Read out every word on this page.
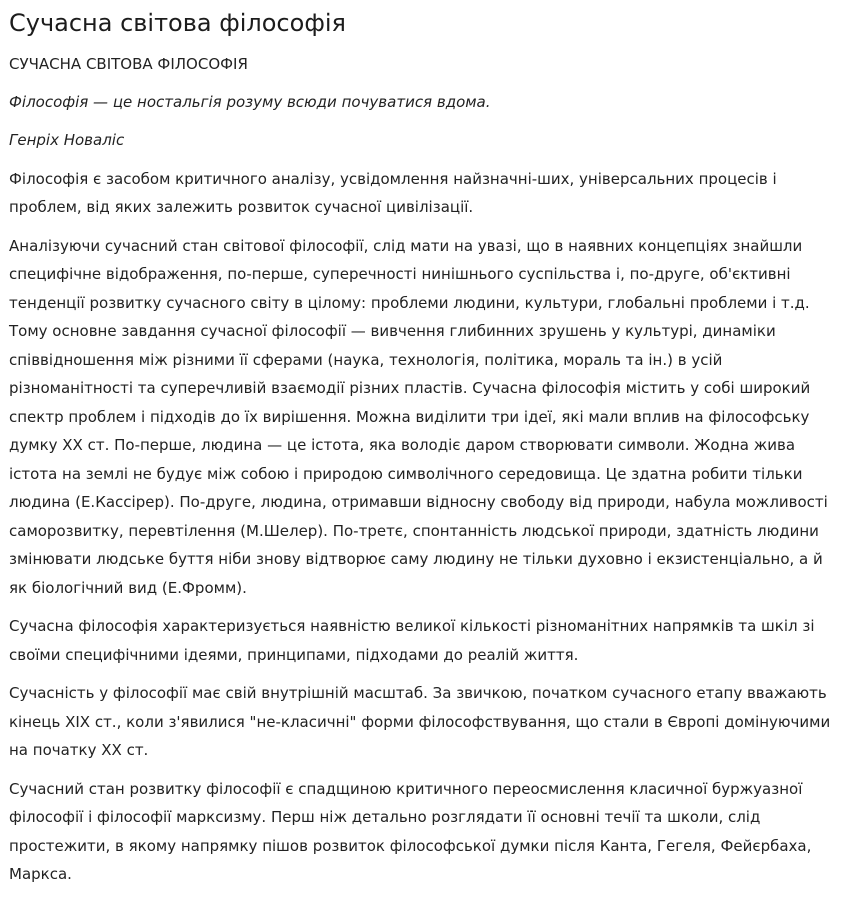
Сучасна світова філософія

СУЧАСНА СВІТОВА ФІЛОСОФІЯ

Філософія — це ностальгія розуму всюди почуватися вдома.

Генріх Новаліс

Філософія є засобом критичного аналізу, усвідомлення найзначні-ших, універсальних процесів і проблем, від яких залежить розвиток сучасної цивілізації.

Аналізуючи сучасний стан світової філософії, слід мати на увазі, що в наявних концепціях знайшли специфічне відображення, по-перше, суперечності нинішнього суспільства і, по-друге, об'єктивні тенденції розвитку сучасного світу в цілому: проблеми людини, культури, глобальні проблеми і т.д. Тому основне завдання сучасної філософії — вивчення глибинних зрушень у культурі, динаміки співвідношення між різними її сферами (наука, технологія, політика, мораль та ін.) в усій різноманітності та суперечливій взаємодії різних пластів. Сучасна філософія містить у собі широкий спектр проблем і підходів до їх вирішення. Можна виділити три ідеї, які мали вплив на філософську думку XX ст. По-перше, людина — це істота, яка володіє даром створювати символи. Жодна жива істота на землі не будує між собою і природою символічного середовища. Це здатна робити тільки людина (Е.Кассірер). По-друге, людина, отримавши відносну свободу від природи, набула можливості саморозвитку, перевтілення (М.Шелер). По-третє, спонтанність людської природи, здатність людини змінювати людське буття ніби знову відтворює саму людину не тільки духовно і екзистенціально, а й як біологічний вид (Е.Фромм).

Сучасна філософія характеризується наявністю великої кількості різноманітних напрямків та шкіл зі своїми специфічними ідеями, принципами, підходами до реалій життя.

Сучасність у філософії має свій внутрішній масштаб. За звичкою, початком сучасного етапу вважають кінець XIX ст., коли з'явилися "не-класичні" форми філософствування, що стали в Європі домінуючими на початку XX ст.

Сучасний стан розвитку філософії є спадщиною критичного переосмислення класичної буржуазної філософії і філософії марксизму. Перш ніж детально розглядати її основні течії та школи, слід простежити, в якому напрямку пішов розвиток філософської думки після Канта, Гегеля, Фейєрбаха, Маркса.
